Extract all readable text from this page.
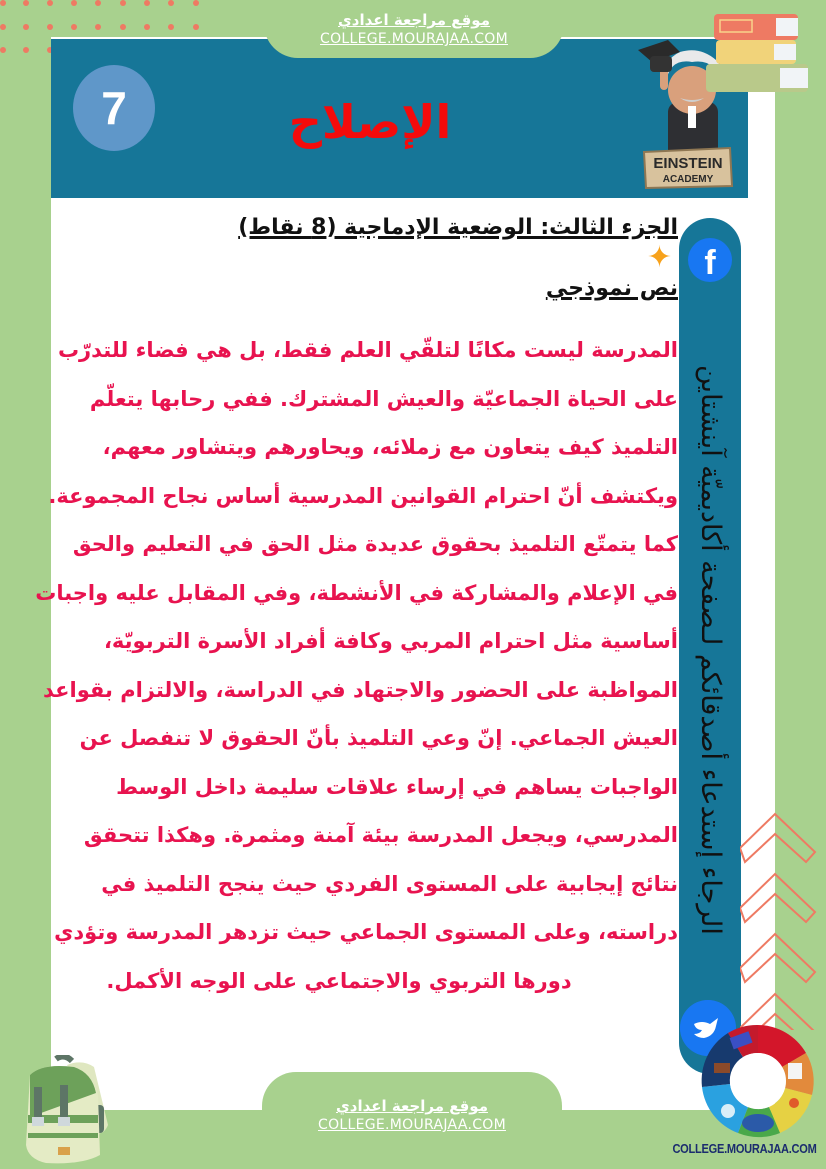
موقع مراجعة اعدادي
COLLEGE.MOURAJAA.COM
7	الإصلاح
EINSTEIN
ACADEMY
f
الرجاء إستدعاء أصدقائكم لـصفحة أكاديميّة آينشتاين
الجزء الثالث: الوضعية الإدماجية (8 نقاط) ✦
نص نموذجي
المدرسة ليست مكانًا لتلقّي العلم فقط، بل هي فضاء للتدرّب
على الحياة الجماعيّة والعيش المشترك. ففي رحابها يتعلّم
التلميذ كيف يتعاون مع زملائه، ويحاورهم ويتشاور معهم،
ويكتشف أنّ احترام القوانين المدرسية أساس نجاح المجموعة.
كما يتمتّع التلميذ بحقوق عديدة مثل الحق في التعليم والحق
في الإعلام والمشاركة في الأنشطة، وفي المقابل عليه واجبات
أساسية مثل احترام المربي وكافة أفراد الأسرة التربويّة،
المواظبة على الحضور والاجتهاد في الدراسة، والالتزام بقواعد
العيش الجماعي. إنّ وعي التلميذ بأنّ الحقوق لا تنفصل عن
الواجبات يساهم في إرساء علاقات سليمة داخل الوسط
المدرسي، ويجعل المدرسة بيئة آمنة ومثمرة. وهكذا تتحقق
نتائج إيجابية على المستوى الفردي حيث ينجح التلميذ في
دراسته، وعلى المستوى الجماعي حيث تزدهر المدرسة وتؤدي
دورها التربوي والاجتماعي على الوجه الأكمل.
موقع مراجعة اعدادي
COLLEGE.MOURAJAA.COM
COLLEGE.MOURAJAA.COM
